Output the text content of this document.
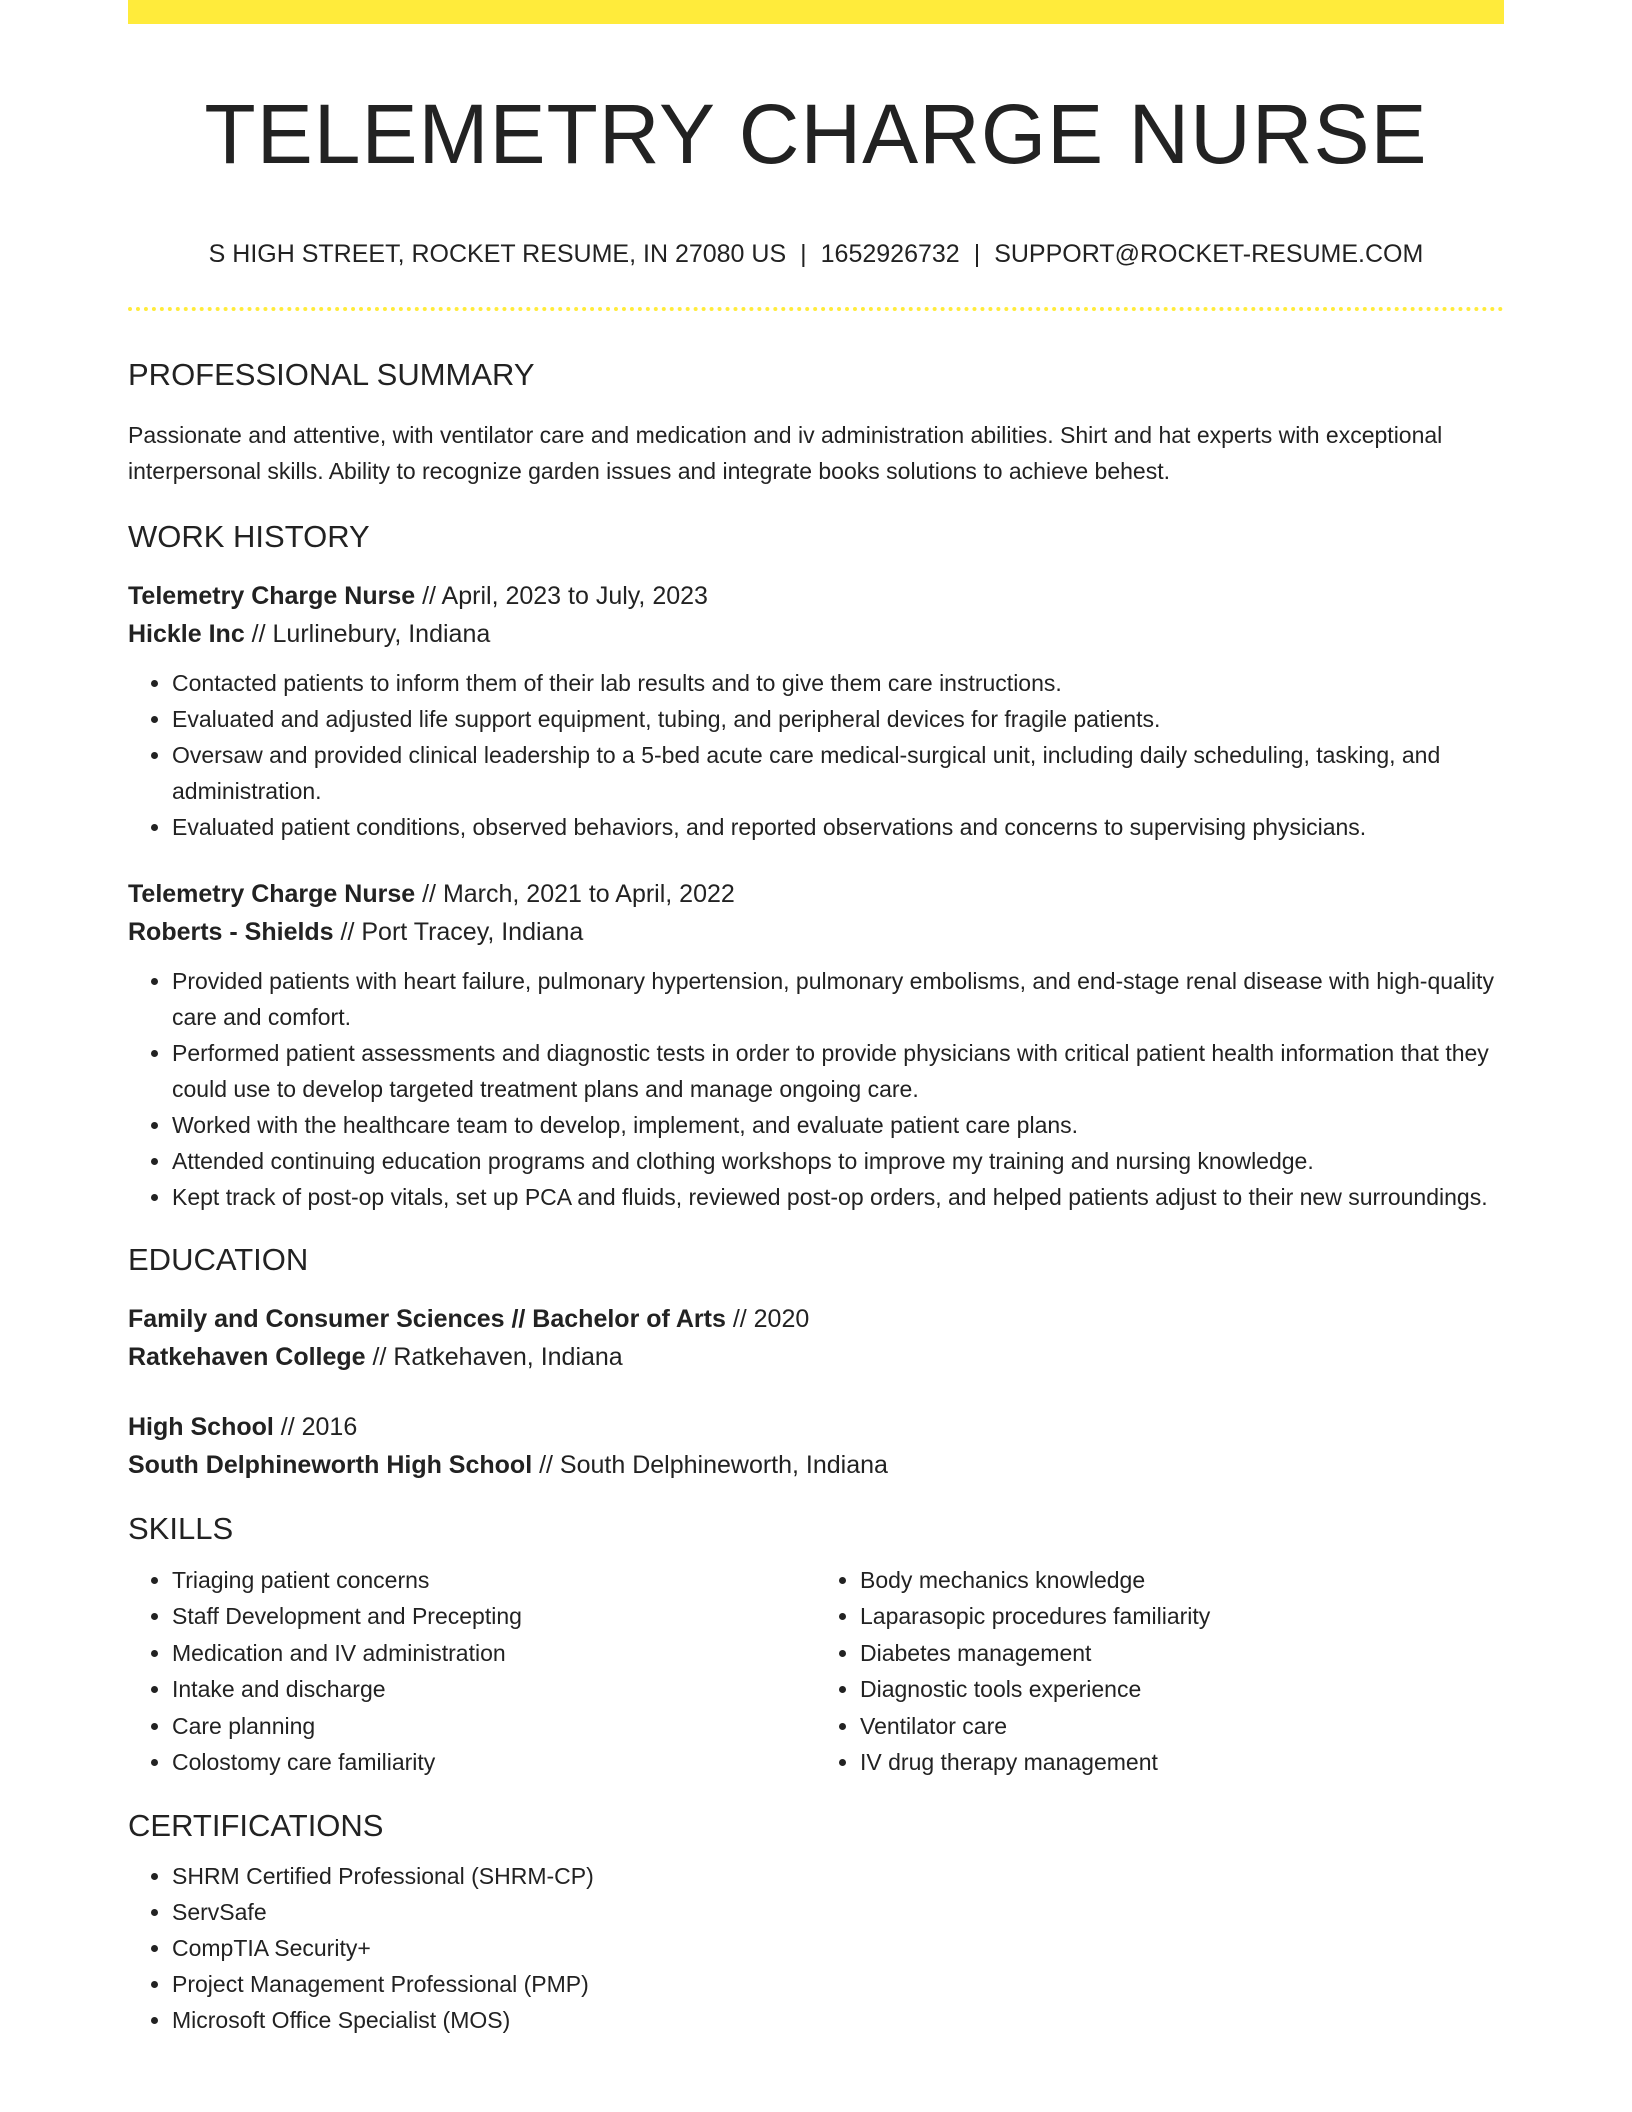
TELEMETRY CHARGE NURSE
S HIGH STREET, ROCKET RESUME, IN 27080 US | 1652926732 | SUPPORT@ROCKET-RESUME.COM
PROFESSIONAL SUMMARY

Passionate and attentive, with ventilator care and medication and iv administration abilities. Shirt and hat experts with exceptional interpersonal skills. Ability to recognize garden issues and integrate books solutions to achieve behest.

WORK HISTORY
Telemetry Charge Nurse // April, 2023 to July, 2023
Hickle Inc // Lurlinebury, Indiana
• Contacted patients to inform them of their lab results and to give them care instructions.
• Evaluated and adjusted life support equipment, tubing, and peripheral devices for fragile patients.
• Oversaw and provided clinical leadership to a 5-bed acute care medical-surgical unit, including daily scheduling, tasking, and administration.
• Evaluated patient conditions, observed behaviors, and reported observations and concerns to supervising physicians.
Telemetry Charge Nurse // March, 2021 to April, 2022
Roberts - Shields // Port Tracey, Indiana
• Provided patients with heart failure, pulmonary hypertension, pulmonary embolisms, and end-stage renal disease with high-quality care and comfort.
• Performed patient assessments and diagnostic tests in order to provide physicians with critical patient health information that they could use to develop targeted treatment plans and manage ongoing care.
• Worked with the healthcare team to develop, implement, and evaluate patient care plans.
• Attended continuing education programs and clothing workshops to improve my training and nursing knowledge.
• Kept track of post-op vitals, set up PCA and fluids, reviewed post-op orders, and helped patients adjust to their new surroundings.
EDUCATION
Family and Consumer Sciences // Bachelor of Arts // 2020
Ratkehaven College // Ratkehaven, Indiana
High School // 2016
South Delphineworth High School // South Delphineworth, Indiana
SKILLS
• Triaging patient concerns
• Staff Development and Precepting
• Medication and IV administration
• Intake and discharge
• Care planning
• Colostomy care familiarity
• Body mechanics knowledge
• Laparasopic procedures familiarity
• Diabetes management
• Diagnostic tools experience
• Ventilator care
• IV drug therapy management
CERTIFICATIONS
• SHRM Certified Professional (SHRM-CP)
• ServSafe
• CompTIA Security+
• Project Management Professional (PMP)
• Microsoft Office Specialist (MOS)
